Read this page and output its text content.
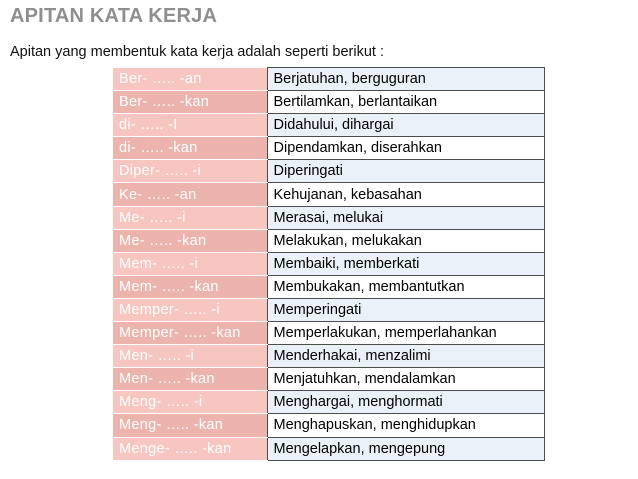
APITAN KATA KERJA

Apitan yang membentuk kata kerja adalah seperti berikut :

Ber- ….. -an	Berjatuhan, berguguran
Ber- ….. -kan	Bertilamkan, berlantaikan
di- ….. -I	Didahului, dihargai
di- ….. -kan	Dipendamkan, diserahkan
Diper- ….. -i	Diperingati
Ke- ….. -an	Kehujanan, kebasahan
Me- ….. -i	Merasai, melukai
Me- ….. -kan	Melakukan, melukakan
Mem- ….. -i	Membaiki, memberkati
Mem- ….. -kan	Membukakan, membantutkan
Memper- ….. -i	Memperingati
Memper- ….. -kan	Memperlakukan, memperlahankan
Men- ….. -i	Menderhakai, menzalimi
Men- ….. -kan	Menjatuhkan, mendalamkan
Meng- ….. -i	Menghargai, menghormati
Meng- ….. -kan	Menghapuskan, menghidupkan
Menge- ….. -kan	Mengelapkan, mengepung
